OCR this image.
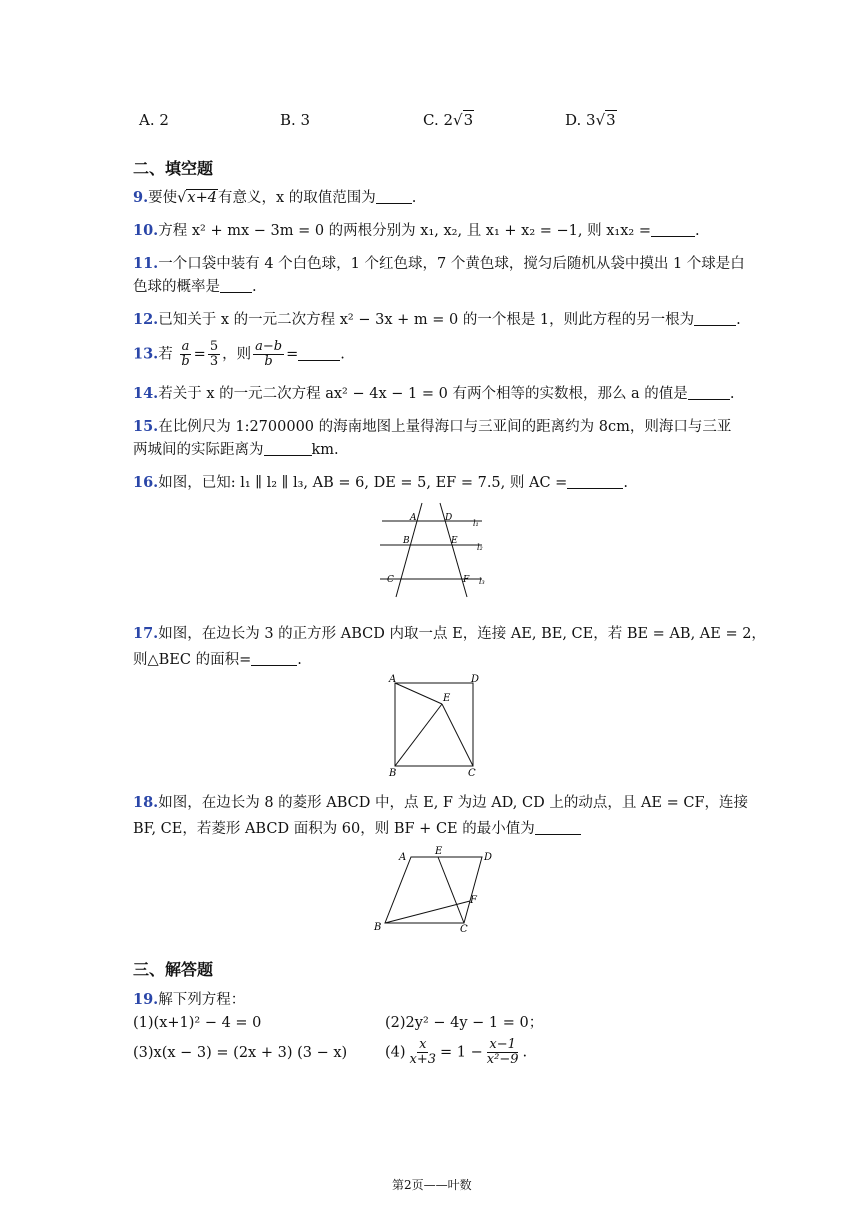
A. 2	B. 3	C. 2√3	D. 3√3
二、填空题
9.要使√x+4有意义，x 的取值范围为 .
10.方程 x² + mx − 3m = 0 的两根分别为 x₁, x₂, 且 x₁ + x₂ = −1, 则 x₁x₂ =	.
11.一个口袋中装有 4 个白色球，1 个红色球，7 个黄色球，搅匀后随机从袋中摸出 1 个球是白
色球的概率是 .
12.已知关于 x 的一元二次方程 x² − 3x + m = 0 的一个根是 1，则此方程的另一根为	.
13.若 $\frac{a}{b} = \frac{5}{3}$ ，则 $\frac{a-b}{b}$ =	.
14.若关于 x 的一元二次方程 ax² − 4x − 1 = 0 有两个相等的实数根，那么 a 的值是	.
15.在比例尺为 1:2700000 的海南地图上量得海口与三亚间的距离约为 8cm，则海口与三亚
两城间的实际距离为	km.
16.如图，已知: l₁ ∥ l₂ ∥ l₃, AB = 6, DE = 5, EF = 7.5, 则 AC =	.
A	D
l₁
B	E
l₂
C	F l₃
17.如图，在边长为 3 的正方形 ABCD 内取一点 E，连接 AE, BE, CE，若 BE = AB, AE = 2，
则△BEC 的面积=	.
A	D
E
B	C
18.如图，在边长为 8 的菱形 ABCD 中，点 E, F 为边 AD, CD 上的动点，且 AE = CF，连接
BF, CE，若菱形 ABCD 面积为 60，则 BF + CE 的最小值为
A
E
D
F
B	C
三、解答题
19.解下列方程：
(1)(x+1)² − 4 = 0	(2)2y² − 4y − 1 = 0；
(3)x(x − 3) = (2x + 3) (3 − x)	$(4) \frac{x}{x+3} = 1 - \frac{x-1}{\text{x²−9}}$ .
第2页——叶数
